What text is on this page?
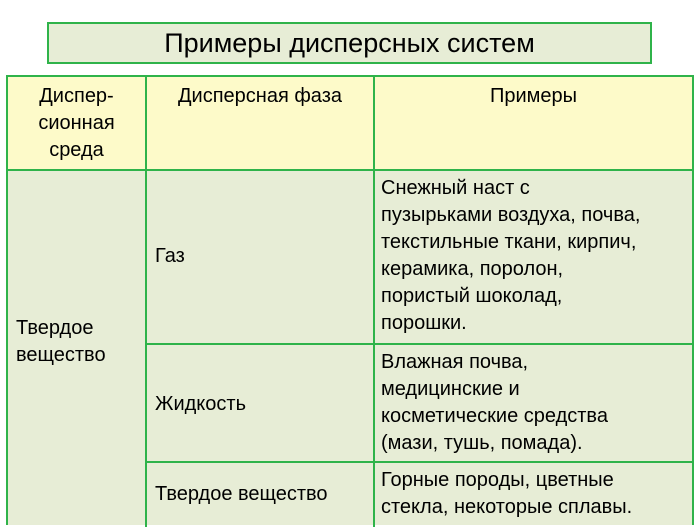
Примеры дисперсных систем
Диспер-
сионная
среда
Дисперсная фаза	Примеры
Твердое
вещество
Газ
Снежный наст с
пузырьками воздуха, почва,
текстильные ткани, кирпич,
керамика, поролон,
пористый шоколад,
порошки.
Жидкость
Влажная почва,
медицинские и
косметические средства
(мази, тушь, помада).
Твердое вещество
Горные породы, цветные
стекла, некоторые сплавы.
